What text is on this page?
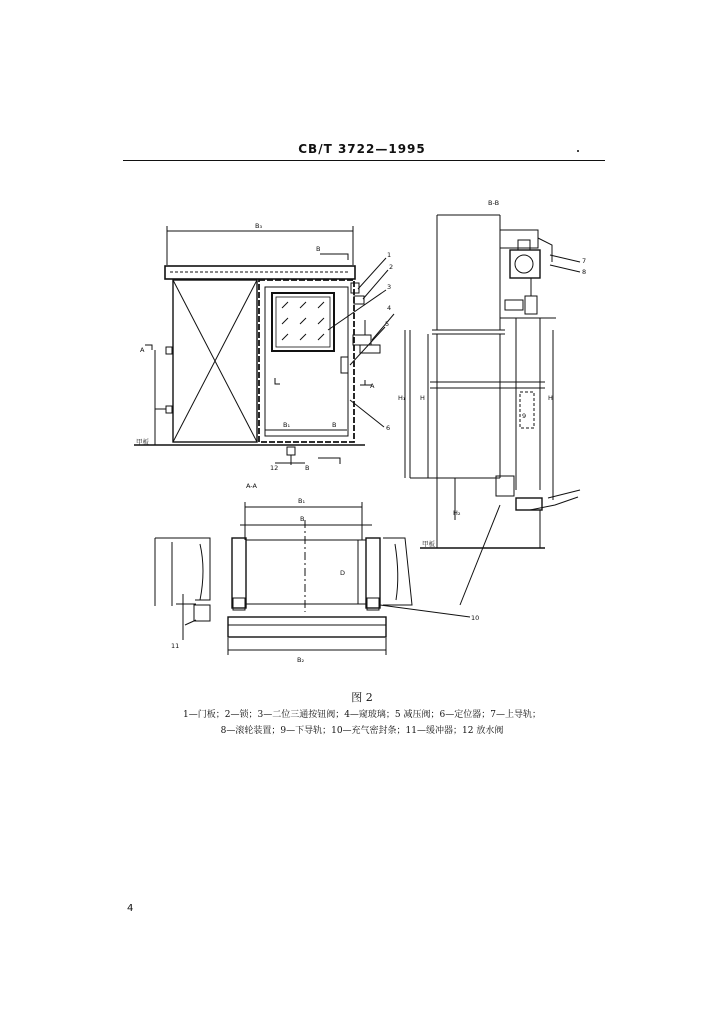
CB/T 3722—1995
B₃
B
A
A
甲板
B₁	B
12	B
A-A
B₁
B
D
B₂
11
B-B
H₁ H	H
H₂
甲板
1
2
3
4
5
6
7
8
9
10
图 2
1—门板；2—锁；3—二位三通按钮阀；4—窥玻璃；5 减压阀；6—定位器；7—上导轨；
8—滚轮装置；9—下导轨；10—充气密封条；11—缓冲器；12 放水阀
4
